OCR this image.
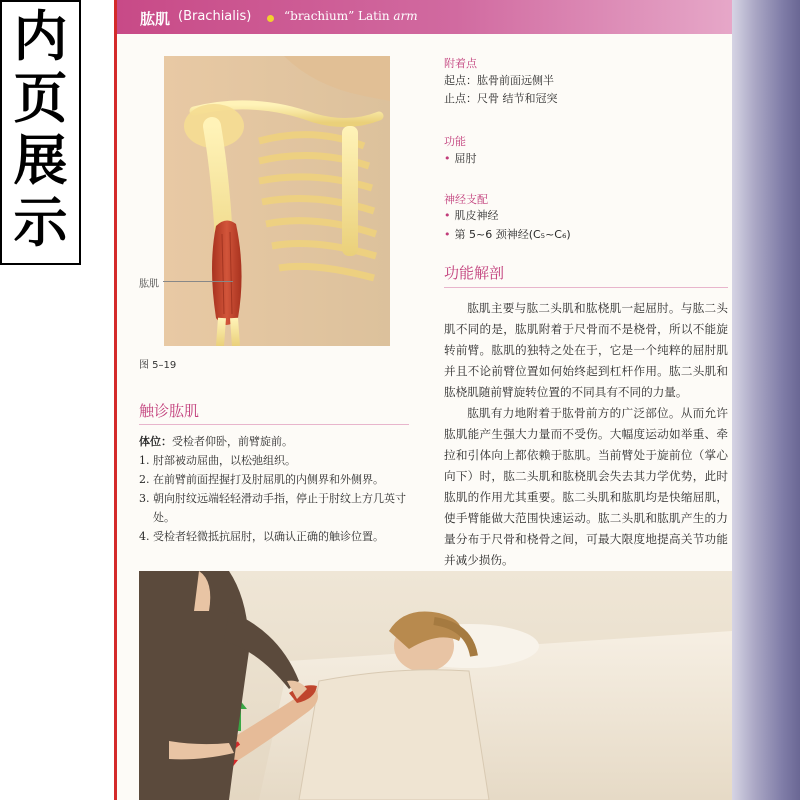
内
页
展
示
肱肌 (Brachialis)	“brachium” Latin arm
肱肌
图 5–19
附着点
起点：肱骨前面远侧半
止点：尺骨 结节和冠突
功能
• 屈肘
神经支配
• 肌皮神经
• 第 5~6 颈神经(C₅~C₆)
功能解剖

肱肌主要与肱二头肌和肱桡肌一起屈肘。与肱二头肌不同的是，肱肌附着于尺骨而不是桡骨，所以不能旋转前臂。肱肌的独特之处在于，它是一个纯粹的屈肘肌并且不论前臂位置如何始终起到杠杆作用。肱二头肌和肱桡肌随前臂旋转位置的不同具有不同的力量。

肱肌有力地附着于肱骨前方的广泛部位。从而允许肱肌能产生强大力量而不受伤。大幅度运动如举重、牵拉和引体向上都依赖于肱肌。当前臂处于旋前位（掌心向下）时，肱二头肌和肱桡肌会失去其力学优势，此时肱肌的作用尤其重要。肱二头肌和肱肌均是快缩屈肌，使手臂能做大范围快速运动。肱二头肌和肱肌产生的力量分布于尺骨和桡骨之间，可最大限度地提高关节功能并减少损伤。

触诊肱肌
体位：受检者仰卧，前臂旋前。
1. 肘部被动屈曲，以松弛组织。
2. 在前臂前面捏握打及肘屈肌的内侧界和外侧界。
3. 朝向肘纹远端轻轻滑动手指，停止于肘纹上方几英寸处。
4. 受检者轻微抵抗屈肘，以确认正确的触诊位置。
